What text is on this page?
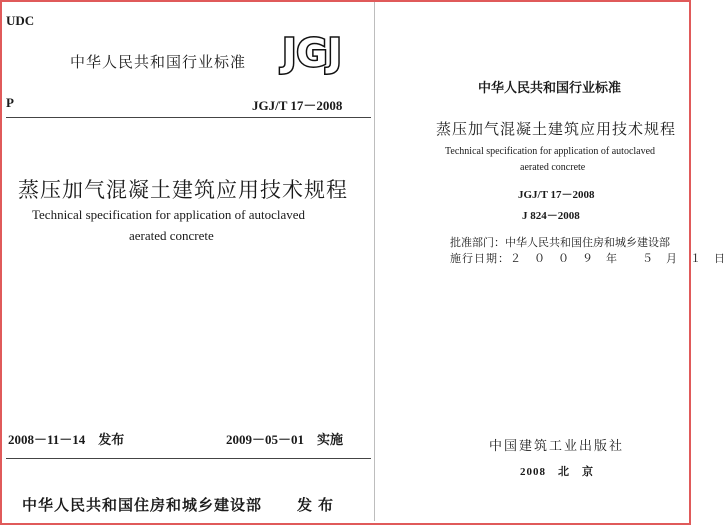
UDC
中华人民共和国行业标准 JGJ
P	JGJ/T 17－2008
蒸压加气混凝土建筑应用技术规程
Technical specification for application of autoclaved
aerated concrete
2008－11－14　发布	2009－05－01　实施
中华人民共和国住房和城乡建设部 发布
中华人民共和国行业标准
蒸压加气混凝土建筑应用技术规程
Technical specification for application of autoclaved
aerated concrete
JGJ/T 17－2008
J 824－2008
批准部门：中华人民共和国住房和城乡建设部
施行日期：２　０　０　９　年　　５　月　１　日
中国建筑工业出版社
2008　北　京
